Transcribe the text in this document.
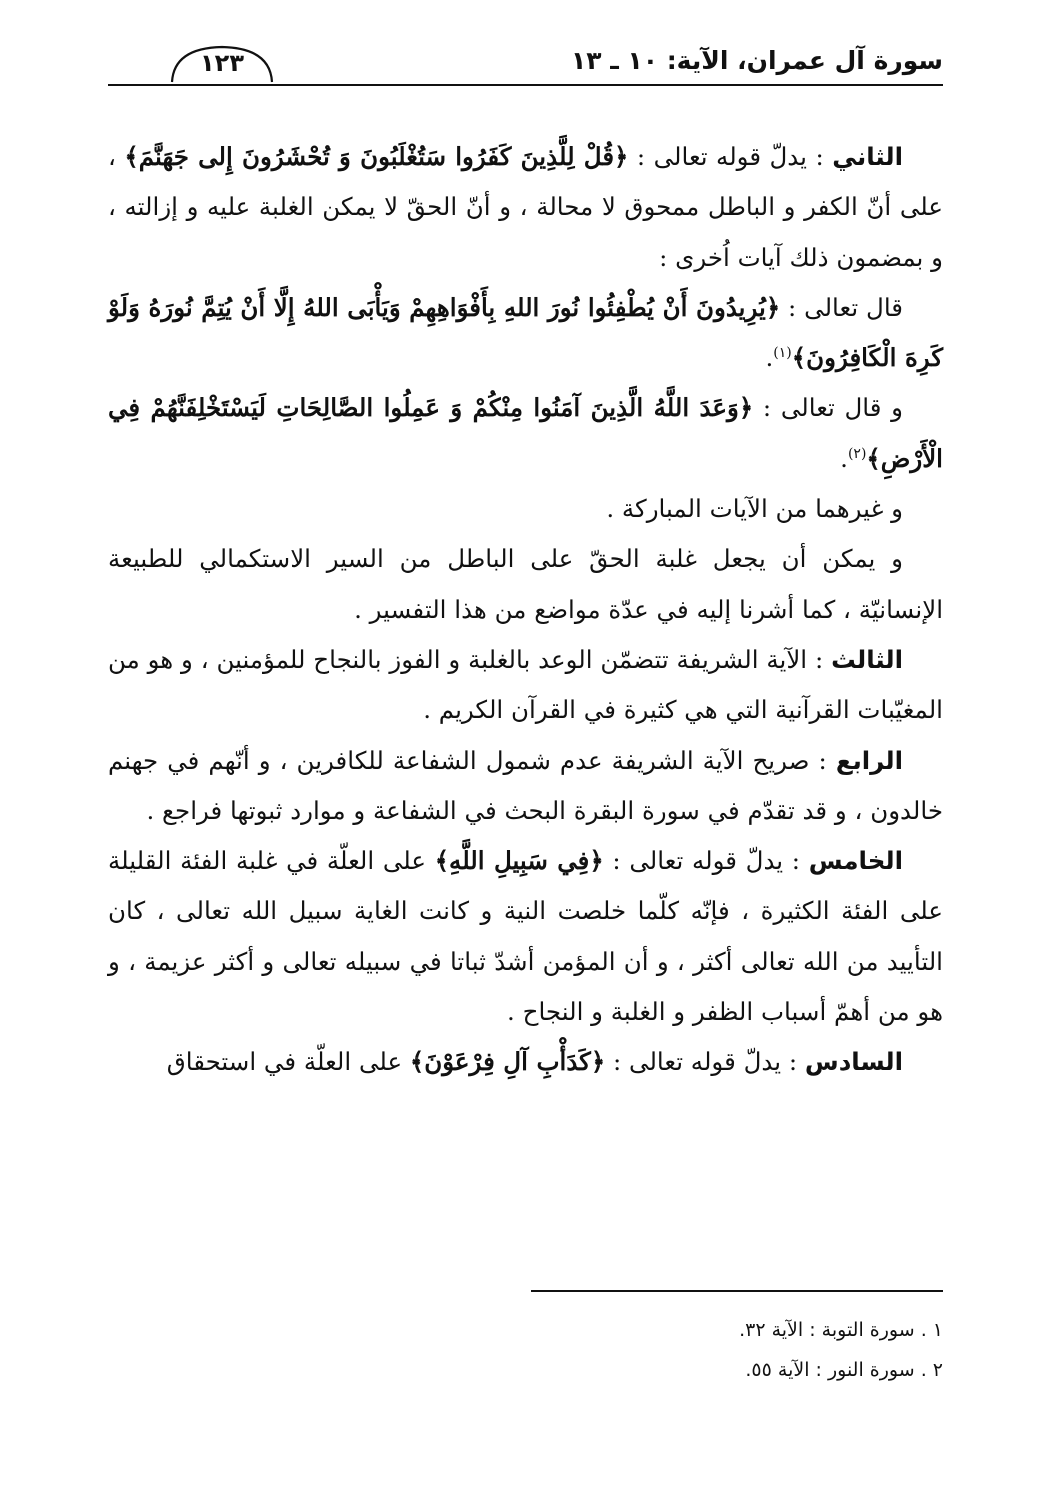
سورة آل عمران، الآية: ١٠ ـ ١٣
١٢٣

الثاني : يدلّ قوله تعالى : ﴿قُلْ لِلَّذِينَ كَفَرُوا سَتُغْلَبُونَ وَ تُحْشَرُونَ إِلى جَهَنَّمَ﴾ ، على أنّ الكفر و الباطل ممحوق لا محالة ، و أنّ الحقّ لا يمكن الغلبة عليه و إزالته ، و بمضمون ذلك آيات اُخرى :

قال تعالى : ﴿يُرِيدُونَ أَنْ يُطْفِئُوا نُورَ اللهِ بِأَفْوَاهِهِمْ وَيَأْبَى اللهُ إِلَّا أَنْ يُتِمَّ نُورَهُ وَلَوْ كَرِهَ الْكَافِرُونَ﴾$^{(١)}$.

و قال تعالى : ﴿وَعَدَ اللَّهُ الَّذِينَ آمَنُوا مِنْكُمْ وَ عَمِلُوا الصَّالِحَاتِ لَيَسْتَخْلِفَنَّهُمْ فِي الْأَرْضِ﴾$^{(٢)}$.

و غيرهما من الآيات المباركة .

و يمكن أن يجعل غلبة الحقّ على الباطل من السير الاستكمالي للطبيعة الإنسانيّة ، كما أشرنا إليه في عدّة مواضع من هذا التفسير .

الثالث : الآية الشريفة تتضمّن الوعد بالغلبة و الفوز بالنجاح للمؤمنين ، و هو من المغيّبات القرآنية التي هي كثيرة في القرآن الكريم .

الرابع : صريح الآية الشريفة عدم شمول الشفاعة للكافرين ، و أنّهم في جهنم خالدون ، و قد تقدّم في سورة البقرة البحث في الشفاعة و موارد ثبوتها فراجع .

الخامس : يدلّ قوله تعالى : ﴿فِي سَبِيلِ اللَّهِ﴾ على العلّة في غلبة الفئة القليلة على الفئة الكثيرة ، فإنّه كلّما خلصت النية و كانت الغاية سبيل الله تعالى ، كان التأييد من الله تعالى أكثر ، و أن المؤمن أشدّ ثباتا في سبيله تعالى و أكثر عزيمة ، و هو من أهمّ أسباب الظفر و الغلبة و النجاح .

السادس : يدلّ قوله تعالى : ﴿كَدَأْبِ آلِ فِرْعَوْنَ﴾ على العلّة في استحقاق

١ . سورة التوبة : الآية ٣٢.

٢ . سورة النور : الآية ٥٥.
